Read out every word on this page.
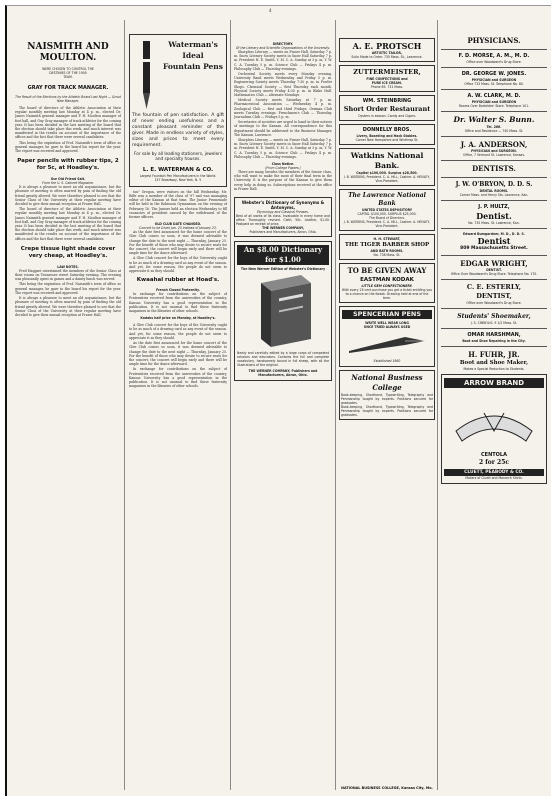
4
NAISMITH AND
MOULTON.
WERE CHOSEN TO CONTROL THE
DESTINIES OF THE 1900
TEAM.
GRAY FOR TRACK MANAGER.
The Result of the Elections by the Athletic Board Last Night — Grout New Manager.

The board of directors of the Athletic Association at their regular monthly meeting last Monday at 4 p. m., elected Dr. James Naismith general manager and F. H. Moulton manager of foot ball, and Guy Gray manager of track athletics for the coming year. It has been decided in the last meeting of the board that the election should take place this week, and much interest was manifested in the results on account of the importance of the offices and the fact that there were several candidates.

This being the expiration of Prof. Naismith's term of office as general manager, he gave to the board his report for the year. The report was received and approved.

Paper pencils with rubber tips, 2 for 5c, at Hoadley's.
Our Old Friend Salt.
From the U. S. Cabinet Magazine.

It is always a pleasure to meet an old acquaintance, but the pleasure of meeting is often marred by pain of finding the old friend greatly altered. We were therefore pleased to see that the Senior Class of the University at their regular meeting have decided to give their annual reception at Fraser Hall.

The board of directors of the Athletic Association at their regular monthly meeting last Monday at 4 p. m., elected Dr. James Naismith general manager and F. H. Moulton manager of foot ball, and Guy Gray manager of track athletics for the coming year. It has been decided in the last meeting of the board that the election should take place this week, and much interest was manifested in the results on account of the importance of the offices and the fact that there were several candidates.

Crepe tissue light shade cover very cheap, at Hoadley's.
LAW NOTES.

Fred Haggart entertained the members of the Senior Class at their rooms on Tennessee street Saturday evening. The evening was pleasantly spent in games and a dainty lunch was served.

This being the expiration of Prof. Naismith's term of office as general manager, he gave to the board his report for the year. The report was received and approved.

It is always a pleasure to meet an old acquaintance, but the pleasure of meeting is often marred by pain of finding the old friend greatly altered. We were therefore pleased to see that the Senior Class of the University at their regular meeting have decided to give their annual reception at Fraser Hall.

Waterman's
Ideal
Fountain Pens
The fountain of pen satisfaction. A gift of never ending usefulness and a constant pleasant reminder of the giver. Made in endless variety of styles, sizes and prices to meet every requirement.
For sale by all leading stationers, jewelers and specialty houses.
L. E. WATERMAN & CO.
Largest Fountain Pen Manufacturers in the World.
157 Broadway, New York, N. Y.

ton" Oregon, were visitors on the hill Wednesday. Mr. Rifle was a member of the class of '97 and was managing editor of the Kansan at that time. The Junior Promenade will be held in the Robinson Gymnasium on the evening of February 16. The Juniors held an election Wednesday to fill vacancies of president caused by the withdrawal of the former officers.

OLD CLUB DATE CHANGED.
Concert to be Given Jan. 25 Instead of January 23.

As the date first announced for the home concert of the Glee Club comes so soon, it was deemed advisable to change the date to the next night — Thursday, January 25. For the benefit of those who may desire to secure seats for the concert, the concert will begin early and there will be ample time for the dance afterward.

A Glee Club concert for the boys of the University ought to be as much of a drawing card as any event of the season. And yet, for some reason, the people do not seem to appreciate it as they should.

Kwaahal rubber at Hoad's.
French Closed Fraternity.

In exchange for contributions on the subject of Fraternities received from the universities of the country, Kansas University has a good representation in the publication. It is not unusual to find these fraternity magazines in the libraries of other schools.

Kodaks half price on Monday, at Hoadley's.

A Glee Club concert for the boys of the University ought to be as much of a drawing card as any event of the season. And yet, for some reason, the people do not seem to appreciate it as they should.

As the date first announced for the home concert of the Glee Club comes so soon, it was deemed advisable to change the date to the next night — Thursday, January 25. For the benefit of those who may desire to secure seats for the concert, the concert will begin early and there will be ample time for the dance afterward.

In exchange for contributions on the subject of Fraternities received from the universities of the country, Kansas University has a good representation in the publication. It is not unusual to find these fraternity magazines in the libraries of other schools.

DIRECTORY.
Of the Literary and Scientific Organizations of the University.

Sharpless Literary — meets on Fraser Hall, Saturday 7 p. m. Snow Literary Society meets in Snow Hall Saturday 7 p. m. President H. E. Smith. Y. M. C. A. Sunday at 3 p. m. Y. W. C. A. Tuesday 5 p. m. Science Club — Fridays 4 p. m. Philosophy Club — Thursday evenings.

Orchestral Society meets every Monday evening. University Band meets Wednesday and Friday 5 p. m. Engineering Society meets Thursday 7:30 p. m. in Fowler Shops. Chemical Society — first Thursday each month. Physical Society meets Friday 4:30 p. m. in Blake Hall. Mathematics Club — alternate Mondays.

Medical Society meets Saturday at 7 p. m. Pharmaceutical Association — Wednesday 4 p. m. Zoological Club — first and third Fridays. German Club meets Tuesday evenings. Frenchmen's Club — Thursday. Journalism Club — Fridays 5 p. m.

Secretaries of societies are urged to hand in their notices of meetings to the Kansan. All correspondence for this department should be addressed to the Business Manager, The Kansan, Lawrence.

Sharpless Literary — meets on Fraser Hall, Saturday 7 p. m. Snow Literary Society meets in Snow Hall Saturday 7 p. m. President H. E. Smith. Y. M. C. A. Sunday at 3 p. m. Y. W. C. A. Tuesday 5 p. m. Science Club — Fridays 4 p. m. Philosophy Club — Thursday evenings.

Class Notice.
(From College Papers.)

There are many, besides the members of the Senior class, who will want to make the most of their final term in the University. It is the purpose of the Kansan to give them every help in doing so. Subscriptions received at the office in Fraser Hall.

Webster's Dictionary of Synonyms & Antonyms,
Etymology and Classical Phrases.
Best of all works of its class. Invaluable in every home and office. Thoroughly revised. Cloth, 50c. Leather, $1.00. Postpaid on receipt of price.
THE WERNER COMPANY,
Publishers and Manufacturers, Akron, Ohio.
An $8.00 Dictionary for $1.00
The New Werner Edition of Webster's Dictionary
Newly and carefully edited by a large corps of competent scholars and educators. Contains the full and complete vocabulary, handsomely bound in full sheep, with all the illustrations of the original.
THE WERNER COMPANY, Publishers and Manufacturers, Akron, Ohio.
A. E. PROTSCH
ARTISTIC TAILOR,
Suits Made to Order. 735 Mass. St., Lawrence.
ZUTTERMEISTER,
FINE CONFECTIONS and
PURE ICE CREAM.
Phone 65. 731 Mass.
WM. STEINBRING
Short Order Restaurant
Oysters in season. Candy and Cigars.
DONNELLY BROS.
Livery, Boarding and Hack Stables.
Corner New Hampshire and Winthrop St.
Watkins National Bank.
Capital $100,000. Surplus $28,500.
J. B. WATKINS, President. C. A. HILL, Cashier. A. HENLEY, Vice-President.
The Lawrence National Bank
UNITED STATES DEPOSITORY
CAPITAL $100,000. SURPLUS $25,000.
The Board of Directors.
J. B. WATKINS, President. C. A. HILL, Cashier. A. HENLEY, Vice-President.
H. H. STEWART,
THE TIGER BARBER SHOP
AND BATH ROOMS.
No. 738 Mass. St.
TO BE GIVEN AWAY
EASTMAN KODAK
LITTLE GEM CONFECTIONERY.
With every 25 cent purchase you get a ticket entitling you to a chance on the Kodak. Drawing held at end of the term.
SPENCERIAN PENS
WRITE WELL WEAR LONG
ONCE TRIED ALWAYS USED
Established 1860
National Business College
Book-keeping, Shorthand, Typewriting, Telegraphy and Penmanship taught by experts. Positions secured for graduates.
Book-keeping, Shorthand, Typewriting, Telegraphy and Penmanship taught by experts. Positions secured for graduates.
PHYSICIANS.
F. D. MORSE, A. M., M. D.
Office over Woodward's Drug Store.
DR. GEORGE W. JONES.
PHYSICIAN and SURGEON
Office 733 Mass. St. Telephone No. 80.
A. W. CLARK, M. D.
PHYSICIAN and SURGEON
Rooms Over Barteldes' Store. Telephone 101.
Dr. Walter S. Bunn.
Tel. 266.
Office and Residence — 740 Mass. St.
J. A. ANDERSON,
PHYSICIAN and SURGEON.
Office, 7 Vermont St. Lawrence, Kansas.
DENTISTS.
J. W. O'BRYON, D. D. S.
DENTAL ROOMS.
Corner Mass. and Henry Sts. Lawrence, Kan.
J. P. HULTZ,
Dentist.
No. 735 Mass. St. Lawrence, Kan.
Edward Bumgardner, M. D., D. D. S.
Dentist
809 Massachusetts Street.
EDGAR WRIGHT,
DENTIST.
Office Over Woodward's Drug Store. Telephone No. 170.
C. E. ESTERLY,
DENTIST,
Office over Woodward's Drug Store.
Students' Shoemaker,
J. S. CIMBOLIS. 9 1/2 Mass. St.
OMAR HARSHMAN,
Boot and Shoe Repairing in the City.
H. FUHR, JR.
Boot and Shoe Maker,
Makes a Special Reduction to Students.
ARROW BRAND
CENTOLA
2 for 25c
CLUETT, PEABODY & CO.
Makers of Cluett and Monarch Shirts.
NATIONAL BUSINESS COLLEGE, Kansas City, Mo.
